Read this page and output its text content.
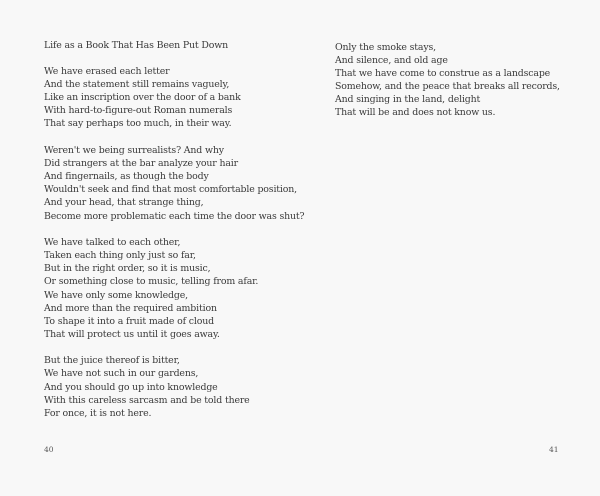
Life as a Book That Has Been Put Down
We have erased each letter
And the statement still remains vaguely,
Like an inscription over the door of a bank
With hard-to-figure-out Roman numerals
That say perhaps too much, in their way.
Weren't we being surrealists? And why
Did strangers at the bar analyze your hair
And fingernails, as though the body
Wouldn't seek and find that most comfortable position,
And your head, that strange thing,
Become more problematic each time the door was shut?
We have talked to each other,
Taken each thing only just so far,
But in the right order, so it is music,
Or something close to music, telling from afar.
We have only some knowledge,
And more than the required ambition
To shape it into a fruit made of cloud
That will protect us until it goes away.
But the juice thereof is bitter,
We have not such in our gardens,
And you should go up into knowledge
With this careless sarcasm and be told there
For once, it is not here.
40
Only the smoke stays,
And silence, and old age
That we have come to construe as a landscape
Somehow, and the peace that breaks all records,
And singing in the land, delight
That will be and does not know us.
41
